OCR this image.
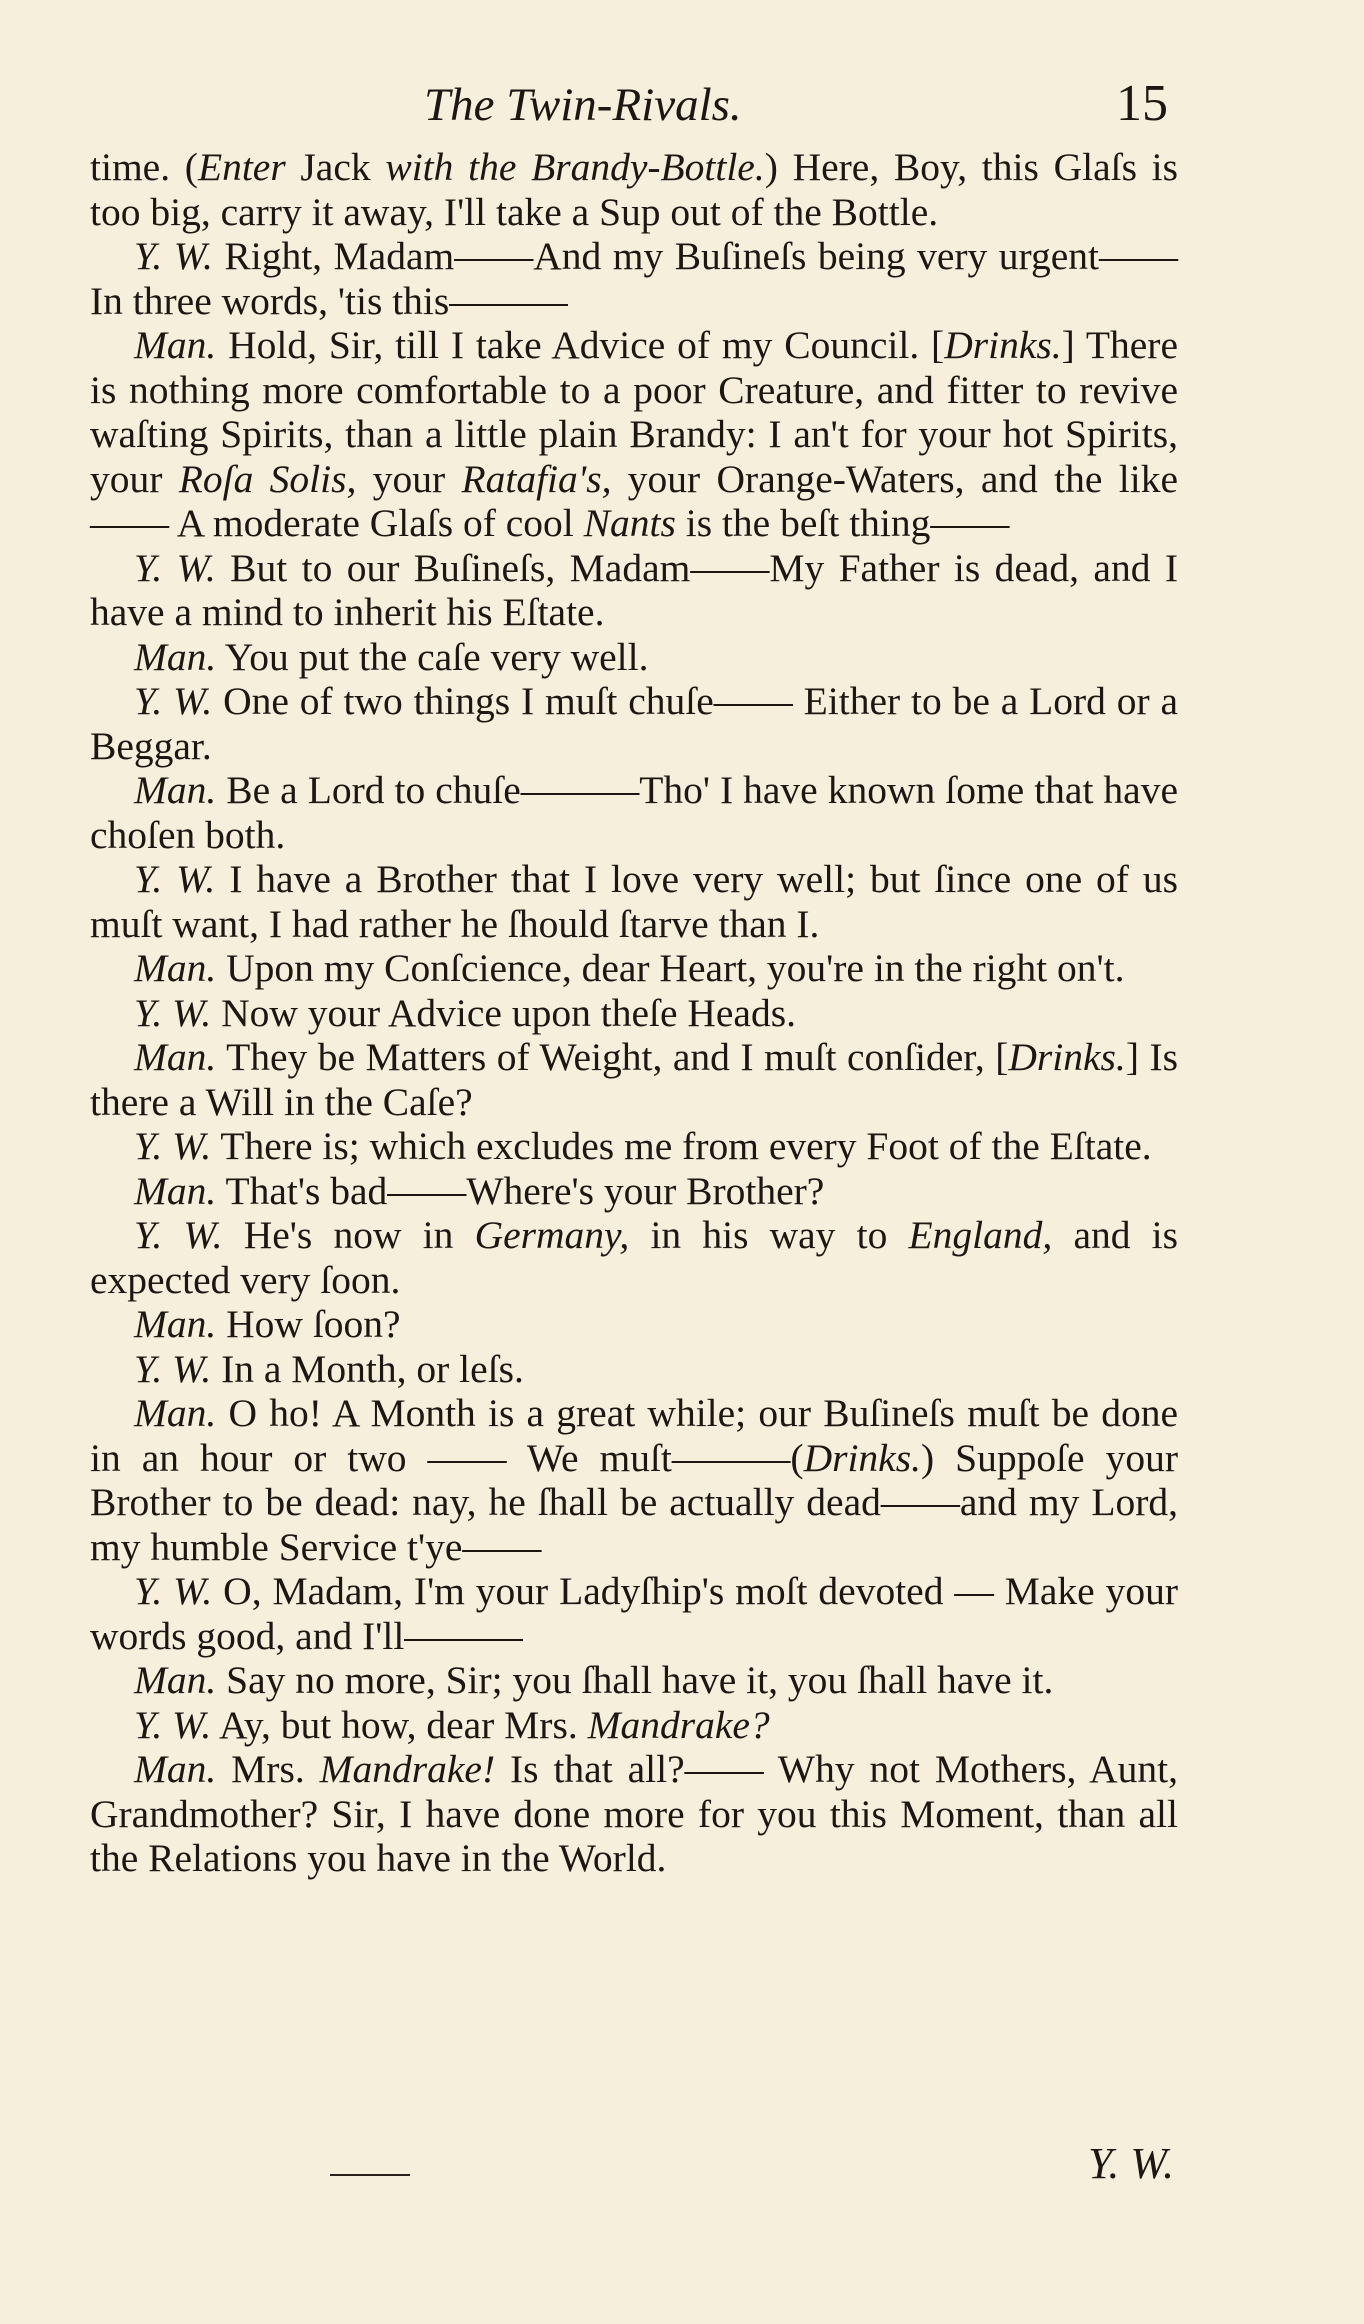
The Twin-Rivals.	15

time. (Enter Jack with the Brandy-Bottle.) Here, Boy, this Glaſs is too big, carry it away, I'll take a Sup out of the Bottle.

Y. W. Right, Madam——And my Buſineſs being very urgent——In three words, 'tis this———

Man. Hold, Sir, till I take Advice of my Council. [Drinks.] There is nothing more comfortable to a poor Creature, and fitter to revive waſting Spirits, than a little plain Brandy: I an't for your hot Spirits, your Roſa Solis, your Ratafia's, your Orange-Waters, and the like —— A moderate Glaſs of cool Nants is the beſt thing——

Y. W. But to our Buſineſs, Madam——My Father is dead, and I have a mind to inherit his Eſtate.

Man. You put the caſe very well.

Y. W. One of two things I muſt chuſe—— Either to be a Lord or a Beggar.

Man. Be a Lord to chuſe———Tho' I have known ſome that have choſen both.

Y. W. I have a Brother that I love very well; but ſince one of us muſt want, I had rather he ſhould ſtarve than I.

Man. Upon my Conſcience, dear Heart, you're in the right on't.

Y. W. Now your Advice upon theſe Heads.

Man. They be Matters of Weight, and I muſt conſider, [Drinks.] Is there a Will in the Caſe?

Y. W. There is; which excludes me from every Foot of the Eſtate.

Man. That's bad——Where's your Brother?

Y. W. He's now in Germany, in his way to England, and is expected very ſoon.

Man. How ſoon?

Y. W. In a Month, or leſs.

Man. O ho! A Month is a great while; our Buſineſs muſt be done in an hour or two —— We muſt———(Drinks.) Suppoſe your Brother to be dead: nay, he ſhall be actually dead——and my Lord, my humble Service t'ye——

Y. W. O, Madam, I'm your Ladyſhip's moſt devoted — Make your words good, and I'll———

Man. Say no more, Sir; you ſhall have it, you ſhall have it.

Y. W. Ay, but how, dear Mrs. Mandrake?

Man. Mrs. Mandrake! Is that all?—— Why not Mothers, Aunt, Grandmother? Sir, I have done more for you this Moment, than all the Relations you have in the World.

Y. W.
